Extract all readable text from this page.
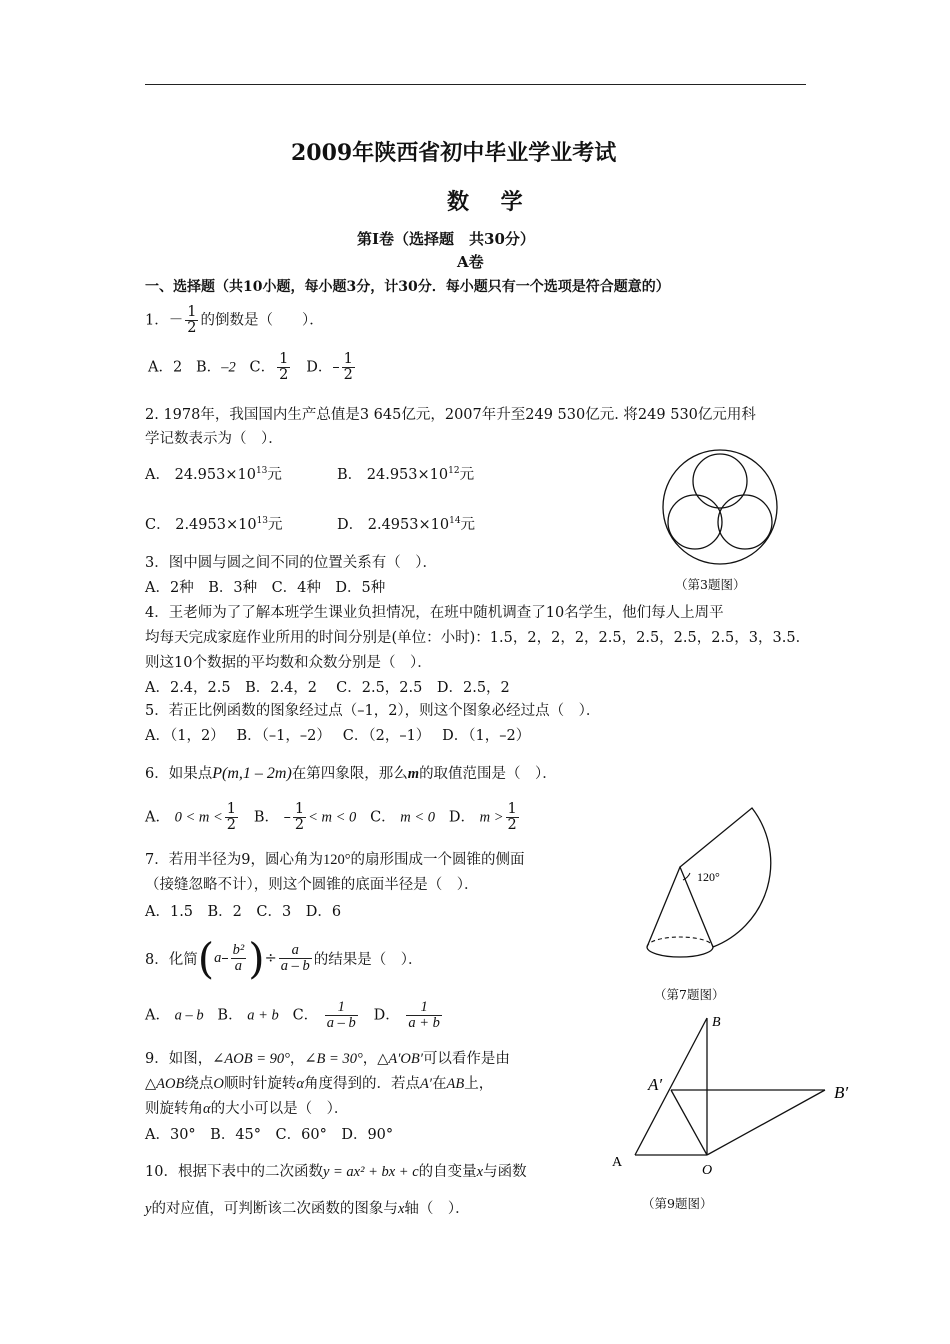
2009年陕西省初中毕业学业考试
数 学
第Ⅰ卷（选择题　共30分）
A卷
一、选择题（共10小题，每小题3分，计30分．每小题只有一个选项是符合题意的）
1．－ $\frac{1}{2}$ 的倒数是（　　）．
A．2 B．–2 C． $\frac{1}{2}$ D．– $\frac{1}{2}$
2. 1978年，我国国内生产总值是3 645亿元，2007年升至249 530亿元. 将249 530亿元用科
学记数表示为（　）．
A． $24.953\times 10^{13}$元	B． $24.953\times 10^{12}$元
C． $2.4953\times 10^{13}$元	D． $2.4953\times 10^{14}$元
（第3题图）
3．图中圆与圆之间不同的位置关系有（　）．
A．2种　B．3种　C．4种　D．5种
4．王老师为了了解本班学生课业负担情况，在班中随机调查了10名学生，他们每人上周平
均每天完成家庭作业所用的时间分别是(单位：小时)：1.5，2，2，2，2.5，2.5，2.5，2.5，3，3.5．
则这10个数据的平均数和众数分别是（　）．
A．2.4，2.5　B．2.4，2　 C．2.5，2.5　D．2.5，2
5．若正比例函数的图象经过点（–1，2），则这个图象必经过点（　）．
A．（1，2）　 B．（–1，–2）　 C．（2，–1）　 D．（1，–2）
6．如果点P(m,1 – 2m)在第四象限，那么m的取值范围是（　）．
A． $0 < m < \frac{1}{2}$ B． – $\frac{1}{2} < m < 0$ C． m < 0 D． $m > \frac{1}{2}$
7．若用半径为9，圆心角为120°的扇形围成一个圆锥的侧面
（接缝忽略不计），则这个圆锥的底面半径是（　）．
A．1.5　B．2　C．3　D．6
120°
（第7题图）
8．化简($a- \frac{\text{b²}}{a}$ )÷ $\frac{a}{a - b}$ 的结果是（　）．
A． a – b B． a + b C． $\frac{1}{a - b}$ D． $\frac{1}{a + b}$
9．如图，∠AOB = 90°，∠B = 30°，△A′OB′可以看作是由
△AOB绕点O顺时针旋转α角度得到的．若点A′在AB上，
则旋转角α的大小可以是（　）．
A．30°　B．45°　C．60°　D．90°
B
A′	B′
A
O
（第9题图）
10．根据下表中的二次函数y = ax² + bx + c的自变量x与函数
y的对应值，可判断该二次函数的图象与x轴（　）．
